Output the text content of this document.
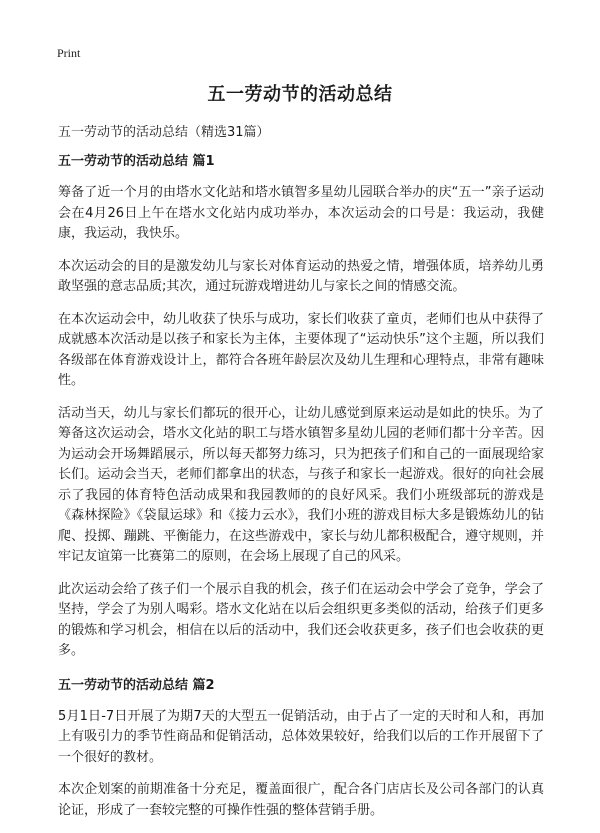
Print
五一劳动节的活动总结
五一劳动节的活动总结（精选31篇）
五一劳动节的活动总结 篇1
筹备了近一个月的由塔水文化站和塔水镇智多星幼儿园联合举办的庆“五一”亲子运动会在4月26日上午在塔水文化站内成功举办，本次运动会的口号是：我运动，我健康，我运动，我快乐。
本次运动会的目的是激发幼儿与家长对体育运动的热爱之情，增强体质，培养幼儿勇敢坚强的意志品质;其次，通过玩游戏增进幼儿与家长之间的情感交流。
在本次运动会中，幼儿收获了快乐与成功，家长们收获了童贞，老师们也从中获得了成就感本次活动是以孩子和家长为主体，主要体现了“运动快乐”这个主题，所以我们各级部在体育游戏设计上，都符合各班年龄层次及幼儿生理和心理特点，非常有趣味性。
活动当天，幼儿与家长们都玩的很开心，让幼儿感觉到原来运动是如此的快乐。为了筹备这次运动会，塔水文化站的职工与塔水镇智多星幼儿园的老师们都十分辛苦。因为运动会开场舞蹈展示，所以每天都努力练习，只为把孩子们和自己的一面展现给家长们。运动会当天，老师们都拿出的状态，与孩子和家长一起游戏。很好的向社会展示了我园的体育特色活动成果和我园教师的的良好风采。我们小班级部玩的游戏是《森林探险》《袋鼠运球》和《接力云水》，我们小班的游戏目标大多是锻炼幼儿的钻爬、投掷、蹦跳、平衡能力，在这些游戏中，家长与幼儿都积极配合，遵守规则，并牢记友谊第一比赛第二的原则，在会场上展现了自己的风采。
此次运动会给了孩子们一个展示自我的机会，孩子们在运动会中学会了竞争，学会了坚持，学会了为别人喝彩。塔水文化站在以后会组织更多类似的活动，给孩子们更多的锻炼和学习机会，相信在以后的活动中，我们还会收获更多，孩子们也会收获的更多。
五一劳动节的活动总结 篇2
5月1日-7日开展了为期7天的大型五一促销活动，由于占了一定的天时和人和，再加上有吸引力的季节性商品和促销活动，总体效果较好，给我们以后的工作开展留下了一个很好的教材。
本次企划案的前期准备十分充足，覆盖面很广，配合各门店店长及公司各部门的认真论证，形成了一套较完整的可操作性强的整体营销手册。
